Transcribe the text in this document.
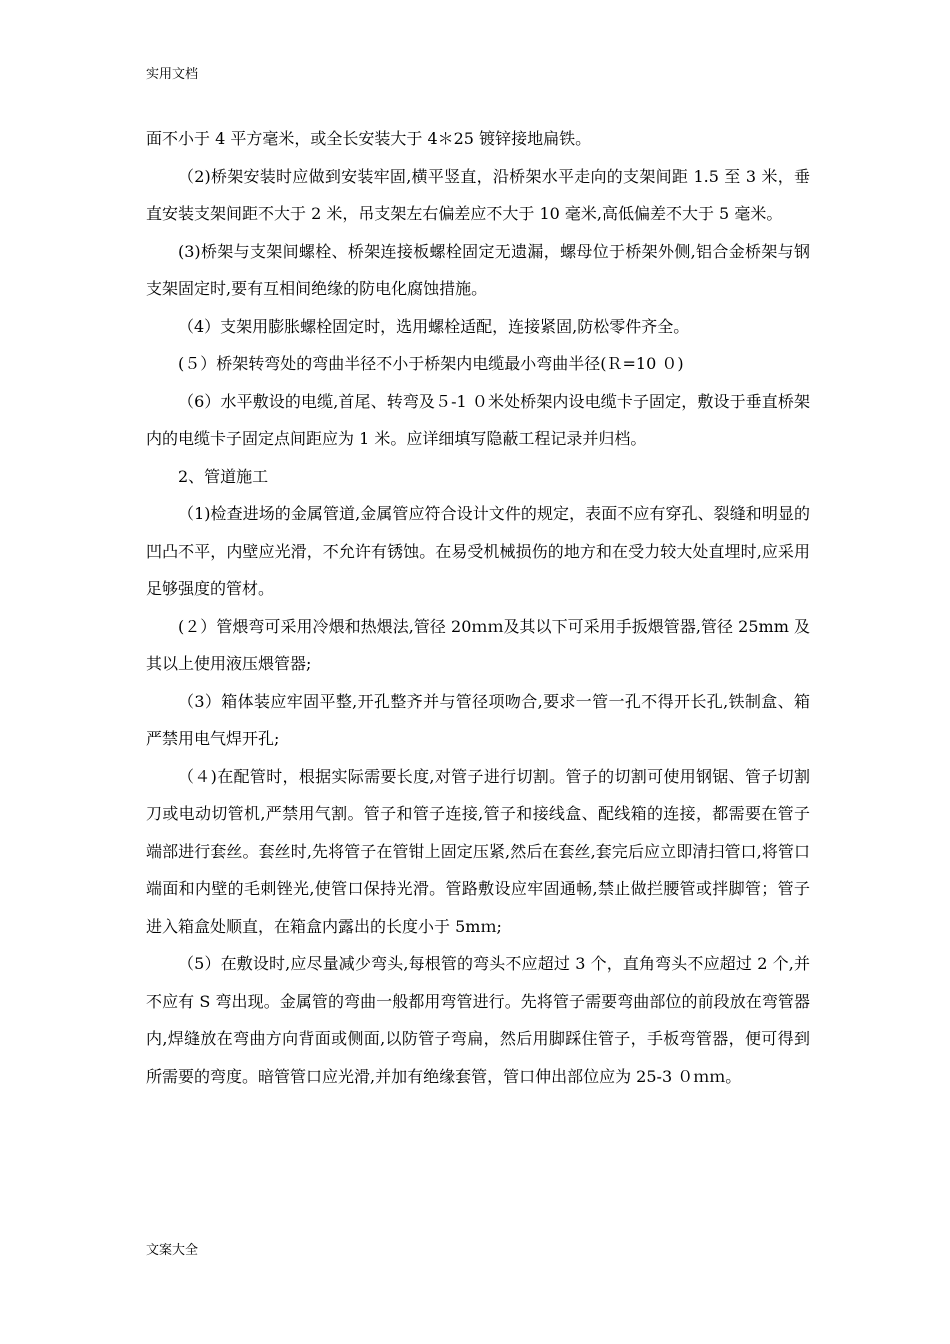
实用文档

面不小于 4 平方毫米，或全长安装大于 4＊25 镀锌接地扁铁。

（2)桥架安装时应做到安装牢固,横平竖直，沿桥架水平走向的支架间距 1.5 至 3 米，垂直安装支架间距不大于 2 米，吊支架左右偏差应不大于 10 毫米,高低偏差不大于 5 毫米。

(3)桥架与支架间螺栓、桥架连接板螺栓固定无遗漏，螺母位于桥架外侧,铝合金桥架与钢支架固定时,要有互相间绝缘的防电化腐蚀措施。

（4）支架用膨胀螺栓固定时，选用螺栓适配，连接紧固,防松零件齐全。

(５）桥架转弯处的弯曲半径不小于桥架内电缆最小弯曲半径(Ｒ=10 ０)

（6）水平敷设的电缆,首尾、转弯及５-1 ０米处桥架内设电缆卡子固定，敷设于垂直桥架内的电缆卡子固定点间距应为 1 米。应详细填写隐蔽工程记录并归档。

2、管道施工

（1)检查进场的金属管道,金属管应符合设计文件的规定，表面不应有穿孔、裂缝和明显的凹凸不平，内壁应光滑，不允许有锈蚀。在易受机械损伤的地方和在受力较大处直埋时,应采用足够强度的管材。

(２）管煨弯可采用冷煨和热煨法,管径 20ｍｍ及其以下可采用手扳煨管器,管径 25mm 及其以上使用液压煨管器;

（3）箱体装应牢固平整,开孔整齐并与管径项吻合,要求一管一孔不得开长孔,铁制盒、箱严禁用电气焊开孔;

（４)在配管时，根据实际需要长度,对管子进行切割。管子的切割可使用钢锯、管子切割刀或电动切管机,严禁用气割。管子和管子连接,管子和接线盒、配线箱的连接，都需要在管子端部进行套丝。套丝时,先将管子在管钳上固定压紧,然后在套丝,套完后应立即清扫管口,将管口端面和内壁的毛刺锉光,使管口保持光滑。管路敷设应牢固通畅,禁止做拦腰管或拌脚管；管子进入箱盒处顺直，在箱盒内露出的长度小于 5mｍ;

（5）在敷设时,应尽量减少弯头,每根管的弯头不应超过 3 个，直角弯头不应超过 2 个,并不应有 S 弯出现。金属管的弯曲一般都用弯管进行。先将管子需要弯曲部位的前段放在弯管器内,焊缝放在弯曲方向背面或侧面,以防管子弯扁，然后用脚踩住管子，手板弯管器，便可得到所需要的弯度。暗管管口应光滑,并加有绝缘套管，管口伸出部位应为 25-3 ０ｍｍ。

文案大全
